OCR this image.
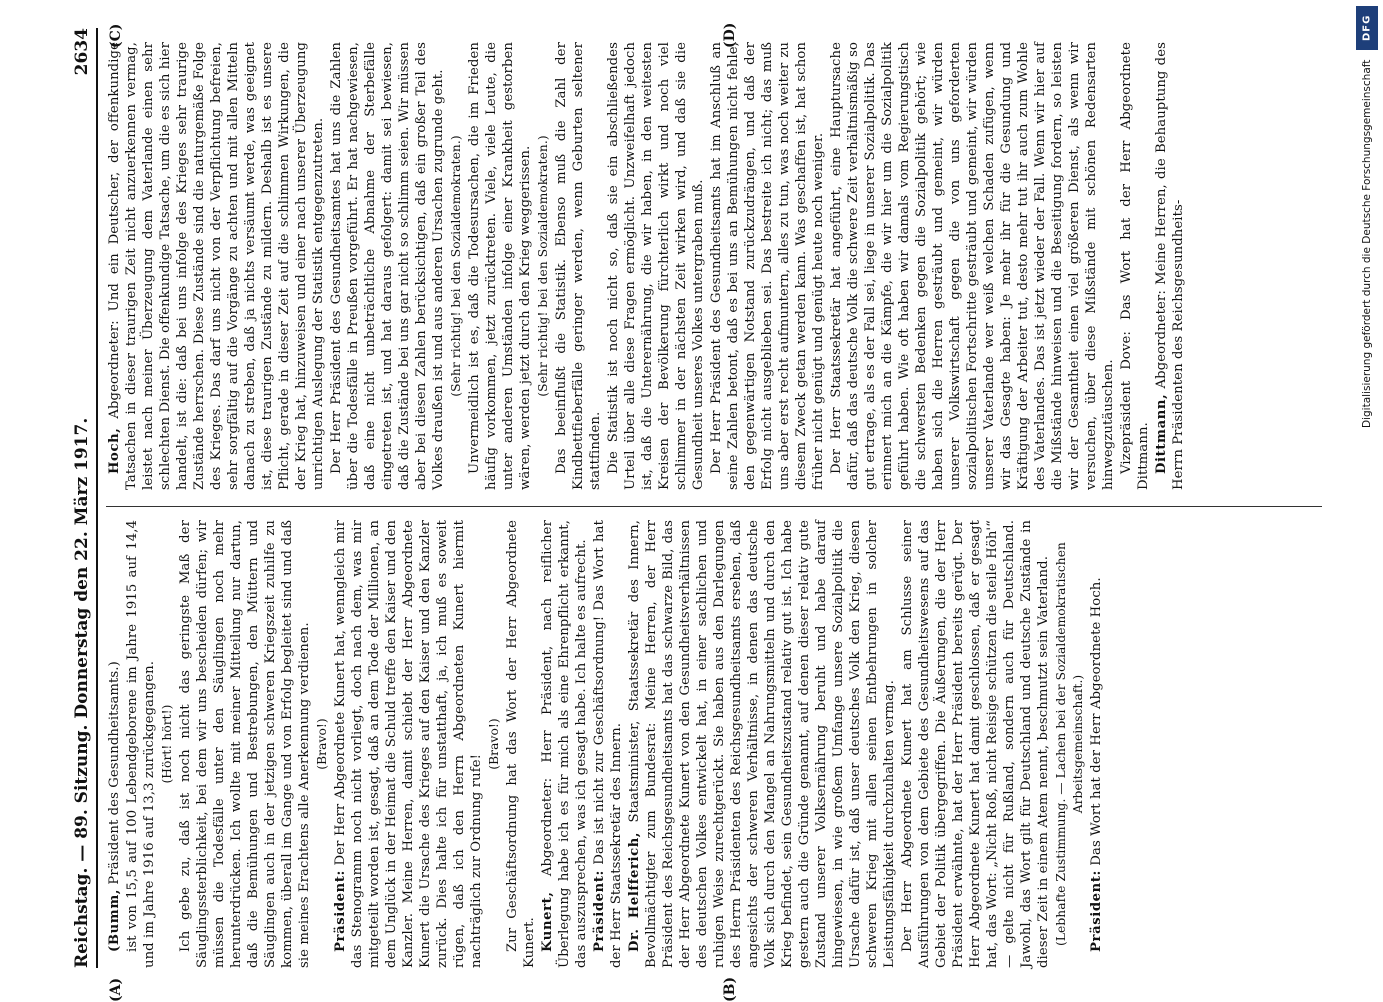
Reichstag. — 89. Sitzung. Donnerstag den 22. März 1917.
2634
(A)	(B)
(C)	(D)

(Bumm, Präsident des Gesundheitsamts.) ist von 15,5 auf 100 Lebendgeborene im Jahre 1915 auf 14,4 und im Jahre 1916 auf 13,3 zurückgegangen. (Hört! hört!) Ich gebe zu, daß ist noch nicht das geringste Maß der Säuglingssterblichkeit, bei dem wir uns bescheiden dürfen; wir müssen die Todesfälle unter den Säuglingen noch mehr herunterdrücken. Ich wollte mit meiner Mitteilung nur dartun, daß die Bemühungen und Bestrebungen, den Müttern und Säuglingen auch in der jetzigen schweren Kriegszeit zuhilfe zu kommen, überall im Gange und von Erfolg begleitet sind und daß sie meines Erachtens alle Anerkennung verdienen. (Bravo!)

Präsident: Der Herr Abgeordnete Kunert hat, wenngleich mir das Stenogramm noch nicht vorliegt, doch nach dem, was mir mitgeteilt worden ist, gesagt, daß an dem Tode der Millionen, an dem Unglück in der Heimat die Schuld treffe den Kaiser und den Kanzler. Meine Herren, damit schiebt der Herr Abgeordnete Kunert die Ursache des Krieges auf den Kaiser und den Kanzler zurück. Dies halte ich für unstatthaft, ja, ich muß es soweit rügen, daß ich den Herrn Abgeordneten Kunert hiermit nachträglich zur Ordnung rufe!

(Bravo!) Zur Geschäftsordnung hat das Wort der Herr Abgeordnete Kunert. Kunert, Abgeordneter: Herr Präsident, nach reiflicher Überlegung habe ich es für mich als eine Ehrenpflicht erkannt, das auszusprechen, was ich gesagt habe. Ich halte es aufrecht. Präsident: Das ist nicht zur Geschäftsordnung! Das Wort hat der Herr Staatssekretär des Innern. Dr. Helfferich, Staatsminister, Staatssekretär des Innern, Bevollmächtigter zum Bundesrat: Meine Herren, der Herr Präsident des Reichsgesundheitsamts hat das schwarze Bild, das der Herr Abgeordnete Kunert von den Gesundheitsverhältnissen des deutschen Volkes entwickelt hat, in einer sachlichen und ruhigen Weise zurechtgerückt. Sie haben aus den Darlegungen des Herrn Präsidenten des Reichsgesundheitsamts ersehen, daß angesichts der schweren Verhältnisse, in denen das deutsche Volk sich durch den Mangel an Nahrungsmitteln und durch den Krieg befindet, sein Gesundheitszustand relativ gut ist. Ich habe gestern auch die Gründe genannt, auf denen dieser relativ gute Zustand unserer Volksernährung beruht und habe darauf hingewiesen, in wie großem Umfange unsere Sozialpolitik die Ursache dafür ist, daß unser deutsches Volk den Krieg, diesen schweren Krieg mit allen seinen Entbehrungen in solcher Leistungsfähigkeit durchzuhalten vermag. Der Herr Abgeordnete Kunert hat am Schlusse seiner Ausführungen von dem Gebiete des Gesundheitswesens auf das Gebiet der Politik übergegriffen. Die Äußerungen, die der Herr Präsident erwähnte, hat der Herr Präsident bereits gerügt. Der Herr Abgeordnete Kunert hat damit geschlossen, daß er gesagt hat, das Wort: „Nicht Roß, nicht Reisige schützen die steile Höh'“ — gelte nicht für Rußland, sondern auch für Deutschland. Jawohl, das Wort gilt für Deutschland und deutsche Zustände in dieser Zeit in einem Atem nennt, beschmutzt sein Vaterland. (Lebhafte Zustimmung. — Lachen bei der Sozialdemokratischen Arbeitsgemeinschaft.)

Präsident: Das Wort hat der Herr Abgeordnete Hoch.

Hoch, Abgeordneter: Und ein Deutscher, der offenkundige Tatsachen in dieser traurigen Zeit nicht anzuerkennen vermag, leistet nach meiner Überzeugung dem Vaterlande einen sehr schlechten Dienst. Die offenkundige Tatsache, um die es sich hier handelt, ist die: daß bei uns infolge des Krieges sehr traurige Zustände herrschen. Diese Zustände sind die naturgemäße Folge des Krieges. Das darf uns nicht von der Verpflichtung befreien, sehr sorgfältig auf die Vorgänge zu achten und mit allen Mitteln danach zu streben, daß ja nichts versäumt werde, was geeignet ist, diese traurigen Zustände zu mildern. Deshalb ist es unsere Pflicht, gerade in dieser Zeit auf die schlimmen Wirkungen, die der Krieg hat, hinzuweisen und einer nach unserer Überzeugung unrichtigen Auslegung der Statistik entgegenzutreten. Der Herr Präsident des Gesundheitsamtes hat uns die Zahlen über die Todesfälle in Preußen vorgeführt. Er hat nachgewiesen, daß eine nicht unbeträchtliche Abnahme der Sterbefälle eingetreten ist, und hat daraus gefolgert: damit sei bewiesen, daß die Zustände bei uns gar nicht so schlimm seien. Wir müssen aber bei diesen Zahlen berücksichtigen, daß ein großer Teil des Volkes draußen ist und aus anderen Ursachen zugrunde geht. (Sehr richtig! bei den Sozialdemokraten.) Unvermeidlich ist es, daß die Todesursachen, die im Frieden häufig vorkommen, jetzt zurücktreten. Viele, viele Leute, die unter anderen Umständen infolge einer Krankheit gestorben wären, werden jetzt durch den Krieg weggerissen. (Sehr richtig! bei den Sozialdemokraten.) Das beeinflußt die Statistik. Ebenso muß die Zahl der Kindbettfieberfälle geringer werden, wenn Geburten seltener stattfinden. Die Statistik ist noch nicht so, daß sie ein abschließendes Urteil über alle diese Fragen ermöglicht. Unzweifelhaft jedoch ist, daß die Unterernährung, die wir haben, in den weitesten Kreisen der Bevölkerung fürchterlich wirkt und noch viel schlimmer in der nächsten Zeit wirken wird, und daß sie die Gesundheit unseres Volkes untergraben muß. Der Herr Präsident des Gesundheitsamts hat im Anschluß an seine Zahlen betont, daß es bei uns an Bemühungen nicht fehle, den gegenwärtigen Notstand zurückzudrängen, und daß der Erfolg nicht ausgeblieben sei. Das bestreite ich nicht; das muß uns aber erst recht aufmuntern, alles zu tun, was noch weiter zu diesem Zweck getan werden kann. Was geschaffen ist, hat schon früher nicht genügt und genügt heute noch weniger. Der Herr Staatssekretär hat angeführt, eine Hauptursache dafür, daß das deutsche Volk die schwere Zeit verhältnismäßig so gut ertrage, als es der Fall sei, liege in unserer Sozialpolitik. Das erinnert mich an die Kämpfe, die wir hier um die Sozialpolitik geführt haben. Wie oft haben wir damals vom Regierungstisch die schwersten Bedenken gegen die Sozialpolitik gehört; wie haben sich die Herren gesträubt und gemeint, wir würden unserer Volkswirtschaft gegen die von uns geforderten sozialpolitischen Fortschritte gesträubt und gemeint, wir würden unserer Vaterlande wer weiß welchen Schaden zufügen, wenn wir das Gesagte haben: Je mehr ihr für die Gesundung und Kräftigung der Arbeiter tut, desto mehr tut ihr auch zum Wohle des Vaterlandes. Das ist jetzt wieder der Fall. Wenn wir hier auf die Mißstände hinweisen und die Beseitigung fordern, so leisten wir der Gesamtheit einen viel größeren Dienst, als wenn wir versuchen, über diese Mißstände mit schönen Redensarten hinwegzutäuschen. Vizepräsident Dove: Das Wort hat der Herr Abgeordnete Dittmann. Dittmann, Abgeordneter: Meine Herren, die Behauptung des Herrn Präsidenten des Reichsgesundheits-

DFG
Digitalisierung gefördert durch die Deutsche Forschungsgemeinschaft
